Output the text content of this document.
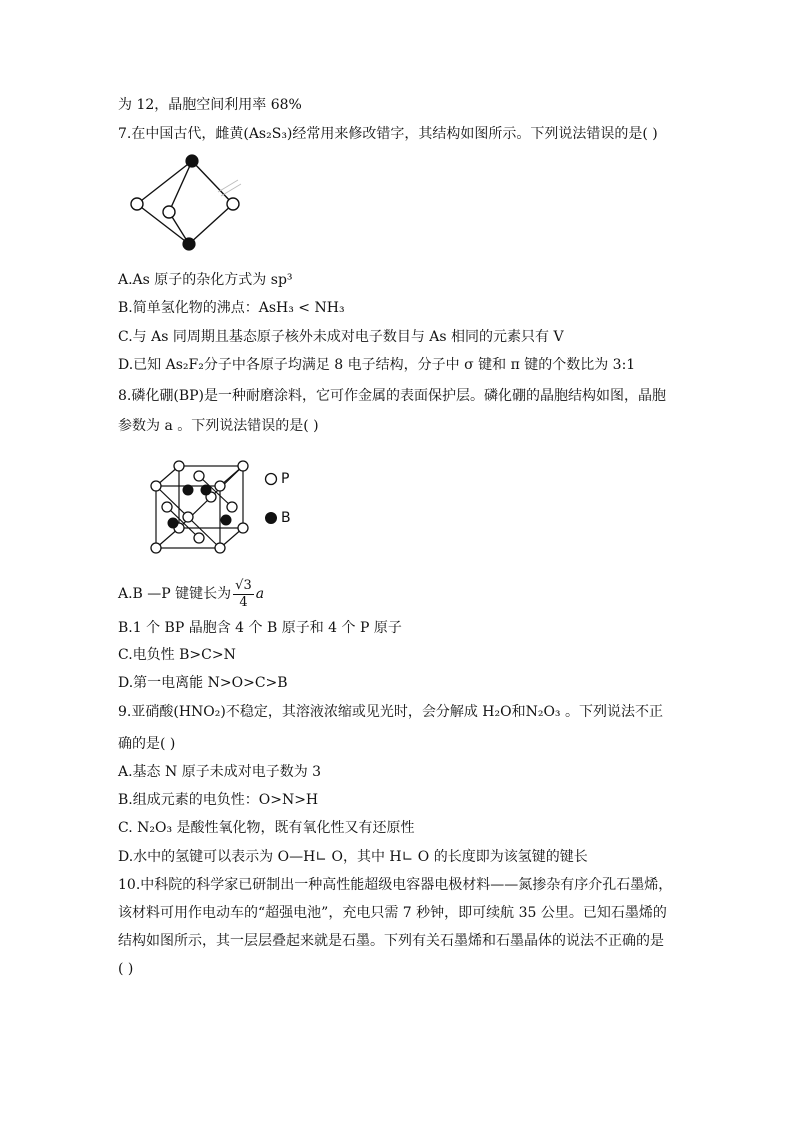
为 12，晶胞空间利用率 68%
7.在中国古代，雌黄(As₂S₃)经常用来修改错字，其结构如图所示。下列说法错误的是( )
A.As 原子的杂化方式为 sp³
B.简单氢化物的沸点：AsH₃ < NH₃
C.与 As 同周期且基态原子核外未成对电子数目与 As 相同的元素只有 V
D.已知 As₂F₂分子中各原子均满足 8 电子结构，分子中 σ 键和 π 键的个数比为 3:1
8.磷化硼(BP)是一种耐磨涂料，它可作金属的表面保护层。磷化硼的晶胞结构如图，晶胞
参数为 a 。下列说法错误的是( )
P
B
A.B —P 键键长为 $\frac{√3}{4}$ a
B.1 个 BP 晶胞含 4 个 B 原子和 4 个 P 原子
C.电负性 B>C>N
D.第一电离能 N>O>C>B
9.亚硝酸(HNO₂)不稳定，其溶液浓缩或见光时，会分解成 H₂O和N₂O₃ 。下列说法不正
确的是( )
A.基态 N 原子未成对电子数为 3
B.组成元素的电负性：O>N>H
C. N₂O₃ 是酸性氧化物，既有氧化性又有还原性
D.水中的氢键可以表示为 O—H∟ O，其中 H∟ O 的长度即为该氢键的键长
10.中科院的科学家已研制出一种高性能超级电容器电极材料——氮掺杂有序介孔石墨烯，
该材料可用作电动车的“超强电池”，充电只需 7 秒钟，即可续航 35 公里。已知石墨烯的
结构如图所示，其一层层叠起来就是石墨。下列有关石墨烯和石墨晶体的说法不正确的是
( )
